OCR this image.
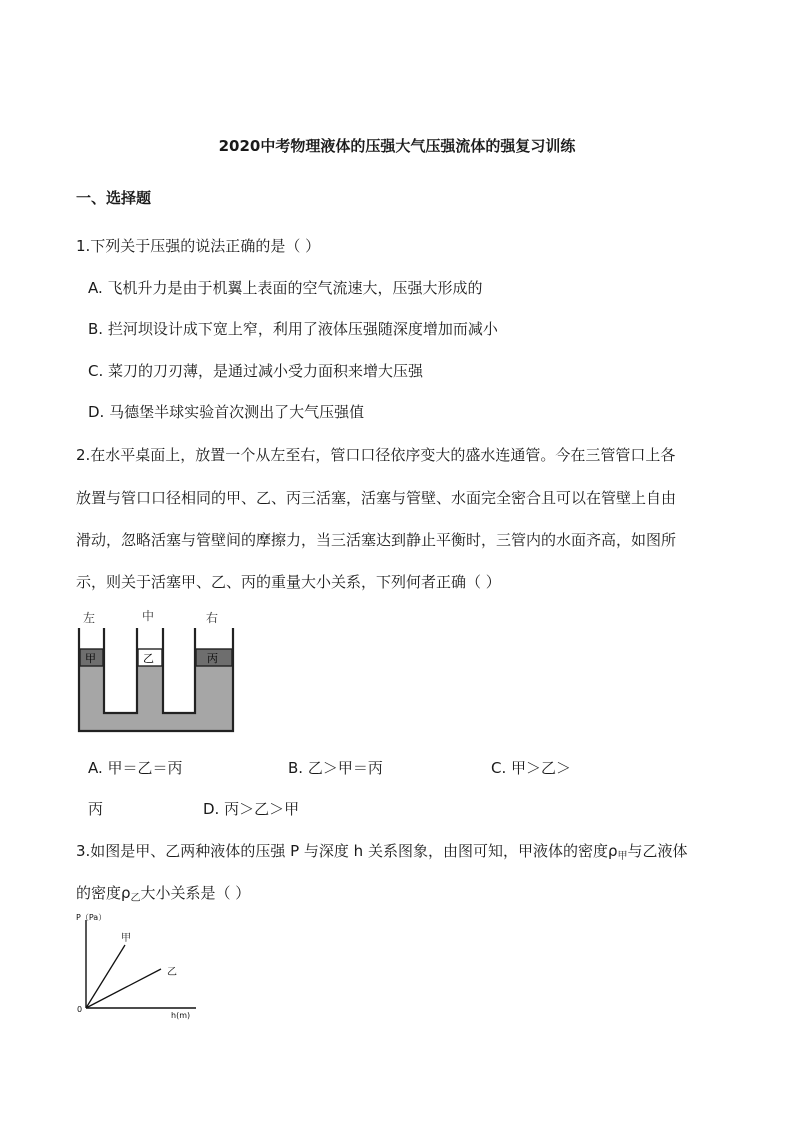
2020中考物理液体的压强大气压强流体的强复习训练
一、选择题
1.下列关于压强的说法正确的是（ ）
A. 飞机升力是由于机翼上表面的空气流速大，压强大形成的
B. 拦河坝设计成下宽上窄，利用了液体压强随深度增加而减小
C. 菜刀的刀刃薄，是通过减小受力面积来增大压强
D. 马德堡半球实验首次测出了大气压强值
2.在水平桌面上，放置一个从左至右，管口口径依序变大的盛水连通管。今在三管管口上各
放置与管口口径相同的甲、乙、丙三活塞，活塞与管壁、水面完全密合且可以在管壁上自由
滑动，忽略活塞与管壁间的摩擦力，当三活塞达到静止平衡时，三管内的水面齐高，如图所
示，则关于活塞甲、乙、丙的重量大小关系，下列何者正确（ ）
左	中	右
甲	乙	丙
A. 甲＝乙＝丙	B. 乙＞甲＝丙	C. 甲＞乙＞
丙	D. 丙＞乙＞甲
3.如图是甲、乙两种液体的压强 P 与深度 h 关系图象，由图可知，甲液体的密度$\rho_甲$与乙液体
的密度$\rho_乙$大小关系是（ ）
P（Pa）
h(m)
0
甲
乙
